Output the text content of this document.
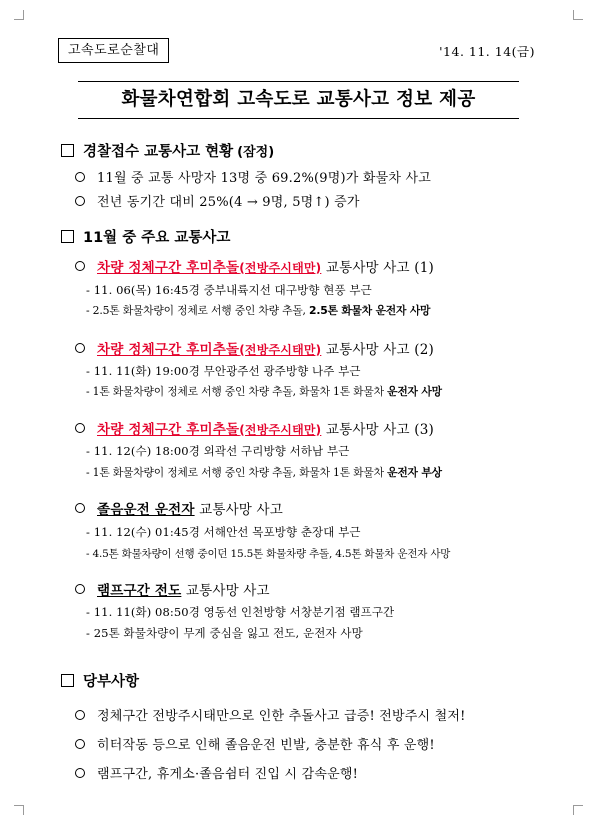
고속도로순찰대	'14. 11. 14(금)
화물차연합회 고속도로 교통사고 정보 제공
경찰접수 교통사고 현황 (잠정)
11월 중 교통 사망자 13명 중 69.2%(9명)가 화물차 사고
전년 동기간 대비 25%(4 → 9명, 5명↑) 증가
11월 중 주요 교통사고
차량 정체구간 후미추돌(전방주시태만) 교통사망 사고 (1)
- 11. 06(목) 16:45경 중부내륙지선 대구방향 현풍 부근
- 2.5톤 화물차량이 정체로 서행 중인 차량 추돌, 2.5톤 화물차 운전자 사망
차량 정체구간 후미추돌(전방주시태만) 교통사망 사고 (2)
- 11. 11(화) 19:00경 무안광주선 광주방향 나주 부근
- 1톤 화물차량이 정체로 서행 중인 차량 추돌, 화물차 1톤 화물차 운전자 사망
차량 정체구간 후미추돌(전방주시태만) 교통사망 사고 (3)
- 11. 12(수) 18:00경 외곽선 구리방향 서하남 부근
- 1톤 화물차량이 정체로 서행 중인 차량 추돌, 화물차 1톤 화물차 운전자 부상
졸음운전 운전자 교통사망 사고
- 11. 12(수) 01:45경 서해안선 목포방향 춘장대 부근
- 4.5톤 화물차량이 선행 중이던 15.5톤 화물차량 추돌, 4.5톤 화물차 운전자 사망
램프구간 전도 교통사망 사고
- 11. 11(화) 08:50경 영동선 인천방향 서창분기점 램프구간
- 25톤 화물차량이 무게 중심을 잃고 전도, 운전자 사망
당부사항
정체구간 전방주시태만으로 인한 추돌사고 급증! 전방주시 철저!
히터작동 등으로 인해 졸음운전 빈발, 충분한 휴식 후 운행!
램프구간, 휴게소·졸음쉼터 진입 시 감속운행!
